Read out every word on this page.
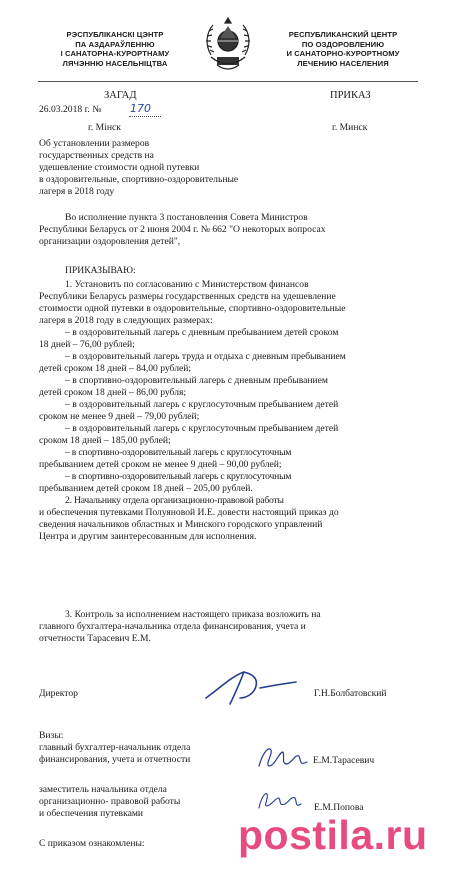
РЭСПУБЛІКАНСКІ ЦЭНТР
ПА АЗДАРАЎЛЕННЮ
І САНАТОРНА-КУРОРТНАМУ
ЛЯЧЭННЮ НАСЕЛЬНІЦТВА
РЕСПУБЛИКАНСКИЙ ЦЕНТР
ПО ОЗДОРОВЛЕНИЮ
И САНАТОРНО-КУРОРТНОМУ
ЛЕЧЕНИЮ НАСЕЛЕНИЯ
ЗАГАД	ПРИКАЗ
26.03.2018 г. №	170
г. Мінск	г. Минск
Об установлении размеров
государственных средств на
удешевление стоимости одной путевки
в оздоровительные, спортивно-оздоровительные
лагеря в 2018 году
Во исполнение пункта 3 постановления Совета Министров
Республики Беларусь от 2 июня 2004 г. № 662 "О некоторых вопросах
организации оздоровления детей",
ПРИКАЗЫВАЮ:
1. Установить по согласованию с Министерством финансов
Республики Беларусь размеры государственных средств на удешевление
стоимости одной путевки в оздоровительные, спортивно-оздоровительные
лагеря в 2018 году в следующих размерах:
– в оздоровительный лагерь с дневным пребыванием детей сроком
18 дней – 76,00 рублей;
– в оздоровительный лагерь труда и отдыха с дневным пребыванием
детей сроком 18 дней – 84,00 рублей;
– в спортивно-оздоровительный лагерь с дневным пребыванием
детей сроком 18 дней – 86,00 рубля;
– в оздоровительный лагерь с круглосуточным пребыванием детей
сроком не менее 9 дней – 79,00 рублей;
– в оздоровительный лагерь с круглосуточным пребыванием детей
сроком 18 дней – 185,00 рублей;
– в спортивно-оздоровительный лагерь с круглосуточным
пребыванием детей сроком не менее 9 дней – 90,00 рублей;
– в спортивно-оздоровительный лагерь с круглосуточным
пребыванием детей сроком 18 дней – 205,00 рублей.
2. Начальнику отдела организационно-правовой работы
и обеспечения путевками Полуяновой И.Е. довести настоящий приказ до
сведения начальников областных и Минского городского управлений
Центра и другим заинтересованным для исполнения.
3. Контроль за исполнением настоящего приказа возложить на
главного бухгалтера-начальника отдела финансирования, учета и
отчетности Тарасевич Е.М.
Директор	Г.Н.Болбатовский
Визы:
главный бухгалтер-начальник отдела
финансирования, учета и отчетности	Е.М.Тарасевич
заместитель начальника отдела
организационно- правовой работы
и обеспечения путевками
Е.М.Попова
С приказом ознакомлены: postila.ru
